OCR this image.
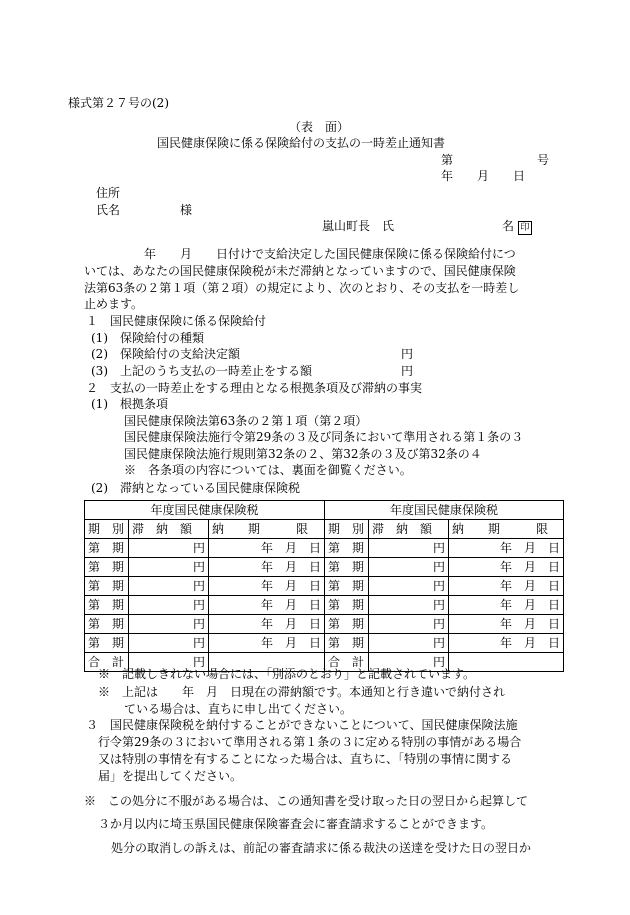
様式第２７号の(2)
（表　面）
国民健康保険に係る保険給付の支払の一時差止通知書
第　　　　　　　号
年　　月　　日
住所
氏名　　　　　様
嵐山町長　氏　　　　　　　　　名 印
　　　　　年　　月　　日付けで支給決定した国民健康保険に係る保険給付につ
いては、あなたの国民健康保険税が未だ滞納となっていますので、国民健康保険
法第63条の２第１項（第２項）の規定により、次のとおり、その支払を一時差し
止めます。
１　国民健康保険に係る保険給付
(1)　保険給付の種類
(2)　保険給付の支給決定額	円
(3)　上記のうち支払の一時差止をする額	円
２　支払の一時差止をする理由となる根拠条項及び滞納の事実
(1)　根拠条項
国民健康保険法第63条の２第１項（第２項）
国民健康保険法施行令第29条の３及び同条において準用される第１条の３
国民健康保険法施行規則第32条の２、第32条の３及び第32条の４
※　各条項の内容については、裏面を御覧ください。
(2)　滞納となっている国民健康保険税
年度国民健康保険税			年度国民健康保険税		
期　別	滞　納　額	納　　期　　　限	期　別	滞　納　額	納　　期　　　限
第　期	円	年　月　日	第　期	円	年　月　日
第　期	円	年　月　日	第　期	円	年　月　日
第　期	円	年　月　日	第　期	円	年　月　日
第　期	円	年　月　日	第　期	円	年　月　日
第　期	円	年　月　日	第　期	円	年　月　日
第　期	円	年　月　日	第　期	円	年　月　日
合　計	円		合　計	円	
※　記載しきれない場合には、「別添のとおり」と記載されています。
※　上記は　　年　月　日現在の滞納額です。本通知と行き違いで納付され
ている場合は、直ちに申し出てください。
３　国民健康保険税を納付することができないことについて、国民健康保険法施
行令第29条の３において準用される第１条の３に定める特別の事情がある場合
又は特別の事情を有することになった場合は、直ちに、「特別の事情に関する
届」を提出してください。
※　この処分に不服がある場合は、この通知書を受け取った日の翌日から起算して
３か月以内に埼玉県国民健康保険審査会に審査請求することができます。
処分の取消しの訴えは、前記の審査請求に係る裁決の送達を受けた日の翌日か
